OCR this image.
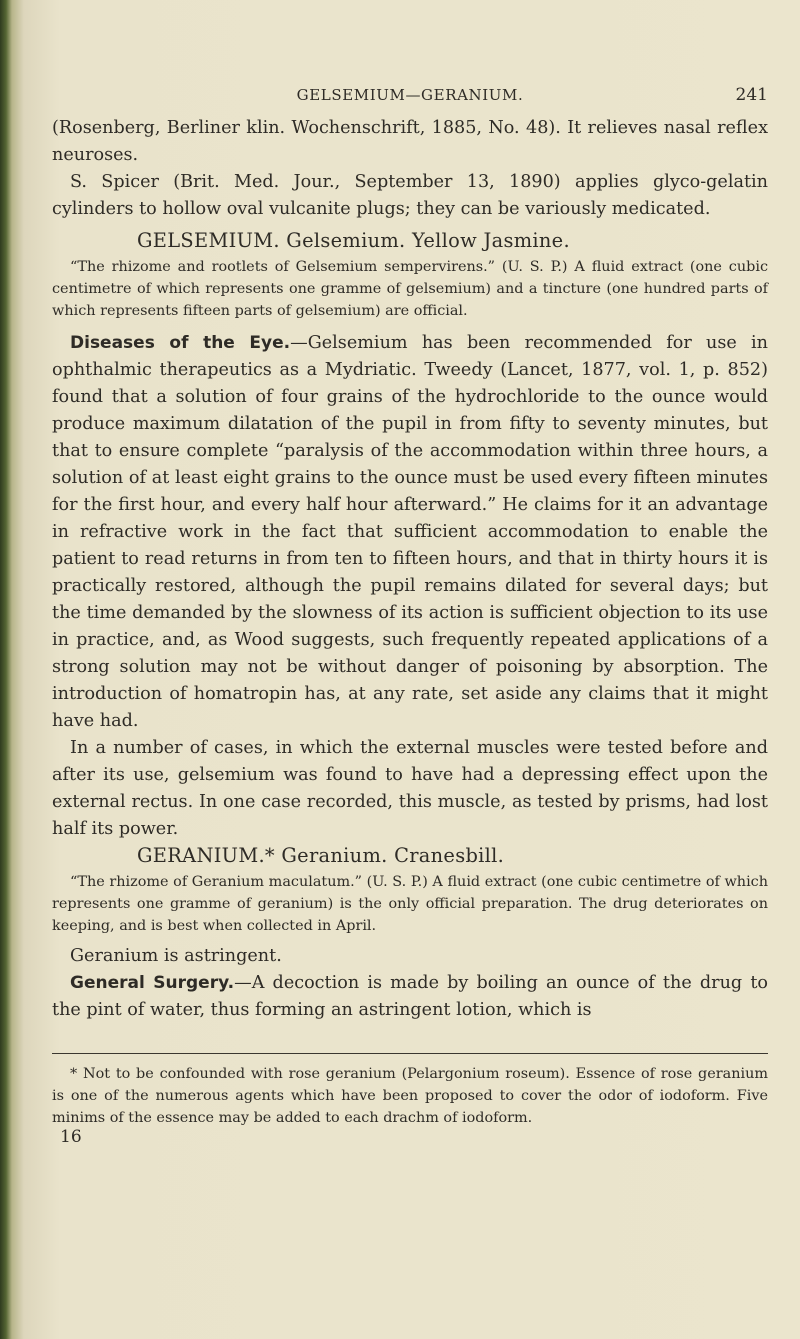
GELSEMIUM—GERANIUM.	241

(Rosenberg, Berliner klin. Wochenschrift, 1885, No. 48). It relieves nasal reflex neuroses.

S. Spicer (Brit. Med. Jour., September 13, 1890) applies glyco-gelatin cylinders to hollow oval vulcanite plugs; they can be variously medicated.

GELSEMIUM. Gelsemium. Yellow Jasmine.

“The rhizome and rootlets of Gelsemium sempervirens.” (U. S. P.) A fluid extract (one cubic centimetre of which represents one gramme of gelsemium) and a tincture (one hundred parts of which represents fifteen parts of gelsemium) are official.

Diseases of the Eye.—Gelsemium has been recommended for use in ophthalmic therapeutics as a Mydriatic. Tweedy (Lancet, 1877, vol. 1, p. 852) found that a solution of four grains of the hydrochloride to the ounce would produce maximum dilatation of the pupil in from fifty to seventy minutes, but that to ensure complete “paralysis of the accommodation within three hours, a solution of at least eight grains to the ounce must be used every fifteen minutes for the first hour, and every half hour afterward.” He claims for it an advantage in refractive work in the fact that sufficient accommodation to enable the patient to read returns in from ten to fifteen hours, and that in thirty hours it is practically restored, although the pupil remains dilated for several days; but the time demanded by the slowness of its action is sufficient objection to its use in practice, and, as Wood suggests, such frequently repeated applications of a strong solution may not be without danger of poisoning by absorption. The introduction of homatropin has, at any rate, set aside any claims that it might have had.

In a number of cases, in which the external muscles were tested before and after its use, gelsemium was found to have had a depressing effect upon the external rectus. In one case recorded, this muscle, as tested by prisms, had lost half its power.

GERANIUM.* Geranium. Cranesbill.

“The rhizome of Geranium maculatum.” (U. S. P.) A fluid extract (one cubic centimetre of which represents one gramme of geranium) is the only official preparation. The drug deteriorates on keeping, and is best when collected in April.

Geranium is astringent.

General Surgery.—A decoction is made by boiling an ounce of the drug to the pint of water, thus forming an astringent lotion, which is

* Not to be confounded with rose geranium (Pelargonium roseum). Essence of rose geranium is one of the numerous agents which have been proposed to cover the odor of iodoform. Five minims of the essence may be added to each drachm of iodoform.

16
